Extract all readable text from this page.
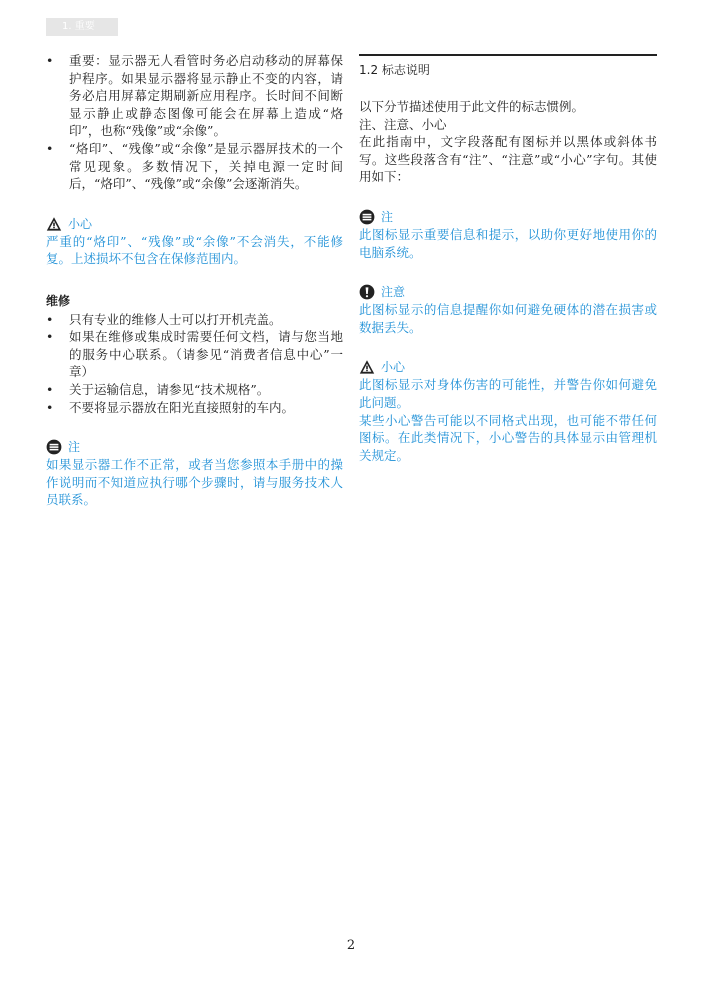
1. 重要
• 重要：显示器无人看管时务必启动移动的屏幕保护程序。如果显示器将显示静止不变的内容，请务必启用屏幕定期刷新应用程序。长时间不间断显示静止或静态图像可能会在屏幕上造成“烙印”，也称“残像”或“余像”。
• “烙印”、“残像”或“余像”是显示器屏技术的一个常见现象。多数情况下，关掉电源一定时间后，“烙印”、“残像”或“余像”会逐渐消失。
小心
严重的“烙印”、“残像”或“余像”不会消失，不能修复。上述损坏不包含在保修范围内。
维修
• 只有专业的维修人士可以打开机壳盖。
• 如果在维修或集成时需要任何文档，请与您当地的服务中心联系。（请参见“消费者信息中心”一章）
• 关于运输信息，请参见“技术规格”。
• 不要将显示器放在阳光直接照射的车内。
注
如果显示器工作不正常，或者当您参照本手册中的操作说明而不知道应执行哪个步骤时，请与服务技术人员联系。
1.2 标志说明
以下分节描述使用于此文件的标志惯例。
注、注意、小心
在此指南中，文字段落配有图标并以黑体或斜体书写。这些段落含有“注”、“注意”或“小心”字句。其使用如下：
注
此图标显示重要信息和提示，以助你更好地使用你的电脑系统。
注意
此图标显示的信息提醒你如何避免硬体的潜在损害或数据丢失。
小心
此图标显示对身体伤害的可能性，并警告你如何避免此问题。
某些小心警告可能以不同格式出现，也可能不带任何图标。在此类情况下，小心警告的具体显示由管理机关规定。
2
